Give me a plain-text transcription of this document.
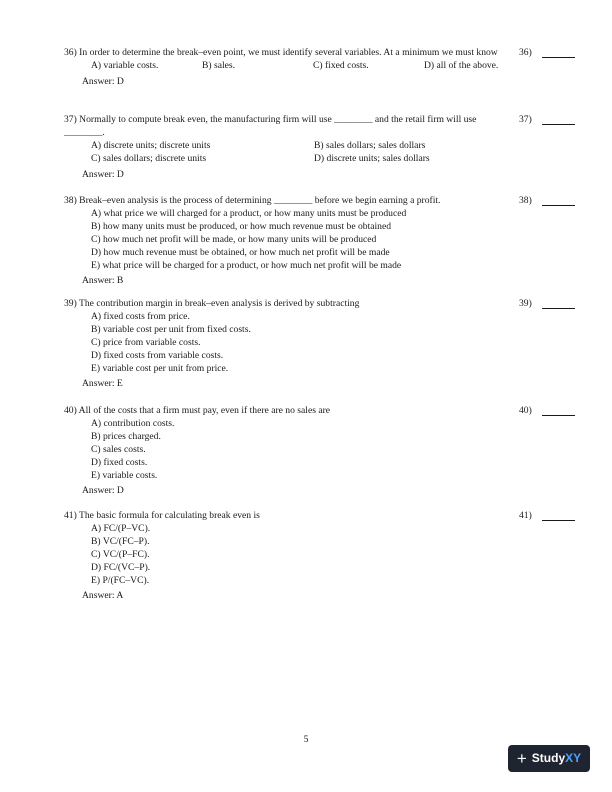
36) In order to determine the break–even point, we must identify several variables. At a minimum we must know
A) variable costs.	B) sales.	C) fixed costs.	D) all of the above.
Answer: D
36)
37) Normally to compute break even, the manufacturing firm will use ________ and the retail firm will use ________.
A) discrete units; discrete units	B) sales dollars; sales dollars
C) sales dollars; discrete units	D) discrete units; sales dollars
Answer: D
37)
38) Break–even analysis is the process of determining ________ before we begin earning a profit.
A) what price we will charged for a product, or how many units must be produced
B) how many units must be produced, or how much revenue must be obtained
C) how much net profit will be made, or how many units will be produced
D) how much revenue must be obtained, or how much net profit will be made
E) what price will be charged for a product, or how much net profit will be made
Answer: B
38)
39) The contribution margin in break–even analysis is derived by subtracting
A) fixed costs from price.
B) variable cost per unit from fixed costs.
C) price from variable costs.
D) fixed costs from variable costs.
E) variable cost per unit from price.
Answer: E
39)
40) All of the costs that a firm must pay, even if there are no sales are
A) contribution costs.
B) prices charged.
C) sales costs.
D) fixed costs.
E) variable costs.
Answer: D
40)
41) The basic formula for calculating break even is
A) FC/(P–VC).
B) VC/(FC–P).
C) VC/(P–FC).
D) FC/(VC–P).
E) P/(FC–VC).
Answer: A
41)
5
+ StudyXY
